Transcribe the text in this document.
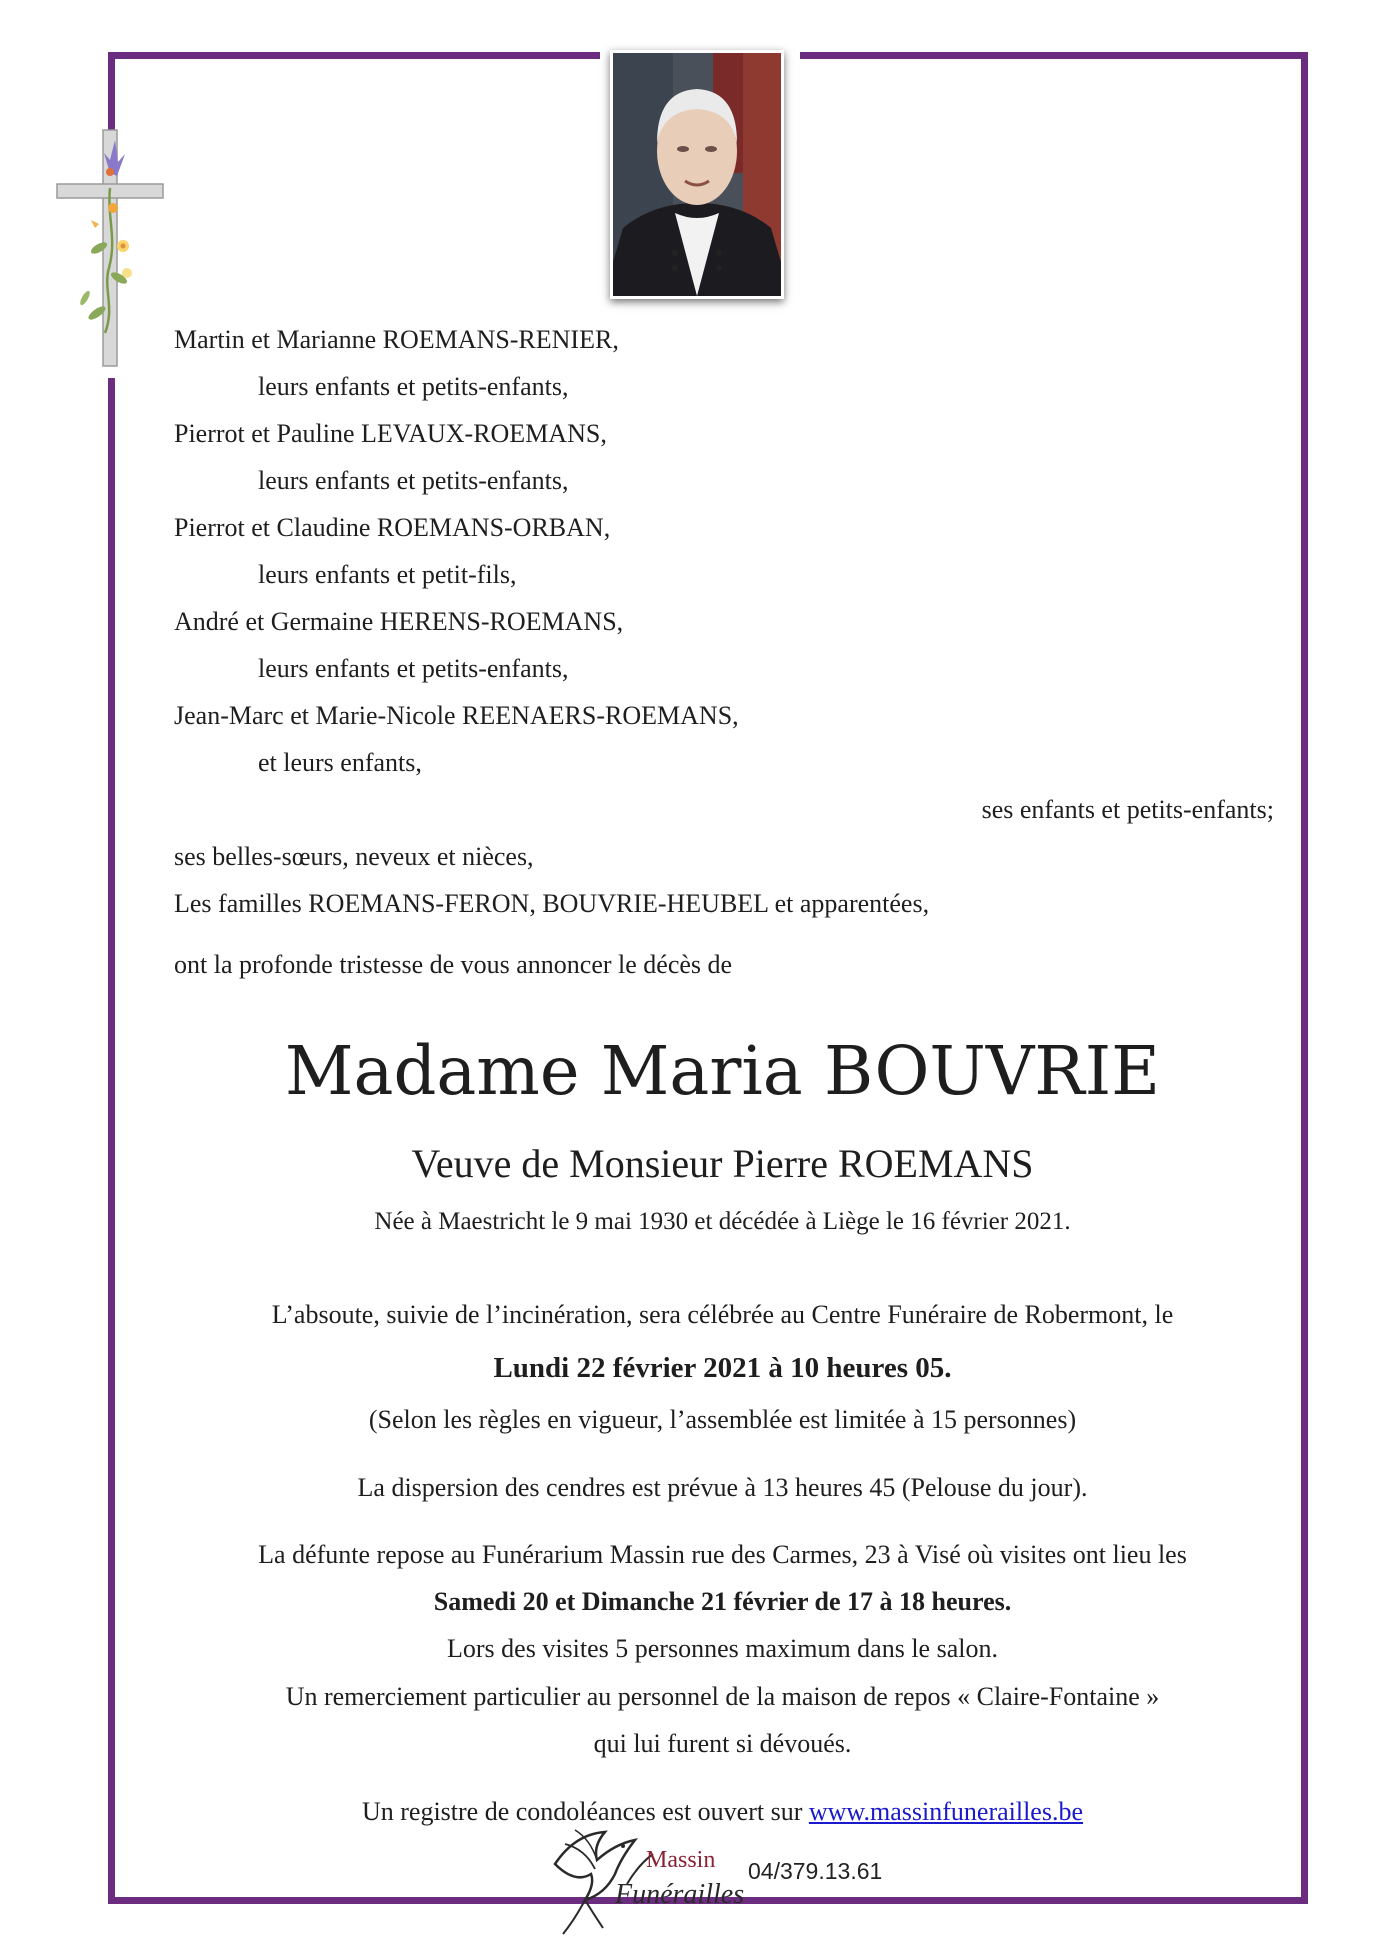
Martin et Marianne ROEMANS-RENIER,
leurs enfants et petits-enfants,
Pierrot et Pauline LEVAUX-ROEMANS,
leurs enfants et petits-enfants,
Pierrot et Claudine ROEMANS-ORBAN,
leurs enfants et petit-fils,
André et Germaine HERENS-ROEMANS,
leurs enfants et petits-enfants,
Jean-Marc et Marie-Nicole REENAERS-ROEMANS,
et leurs enfants,
ses enfants et petits-enfants;
ses belles-sœurs, neveux et nièces,
Les familles ROEMANS-FERON, BOUVRIE-HEUBEL et apparentées,
ont la profonde tristesse de vous annoncer le décès de
Madame Maria BOUVRIE
Veuve de Monsieur Pierre ROEMANS
Née à Maestricht le 9 mai 1930 et décédée à Liège le 16 février 2021.
L’absoute, suivie de l’incinération, sera célébrée au Centre Funéraire de Robermont, le
Lundi 22 février 2021 à 10 heures 05.
(Selon les règles en vigueur, l’assemblée est limitée à 15 personnes)
La dispersion des cendres est prévue à 13 heures 45 (Pelouse du jour).
La défunte repose au Funérarium Massin rue des Carmes, 23 à Visé où visites ont lieu les
Samedi 20 et Dimanche 21 février de 17 à 18 heures.
Lors des visites 5 personnes maximum dans le salon.
Un remerciement particulier au personnel de la maison de repos « Claire-Fontaine »
qui lui furent si dévoués.
Un registre de condoléances est ouvert sur www.massinfunerailles.be
Massin
Funérailles
04/379.13.61
